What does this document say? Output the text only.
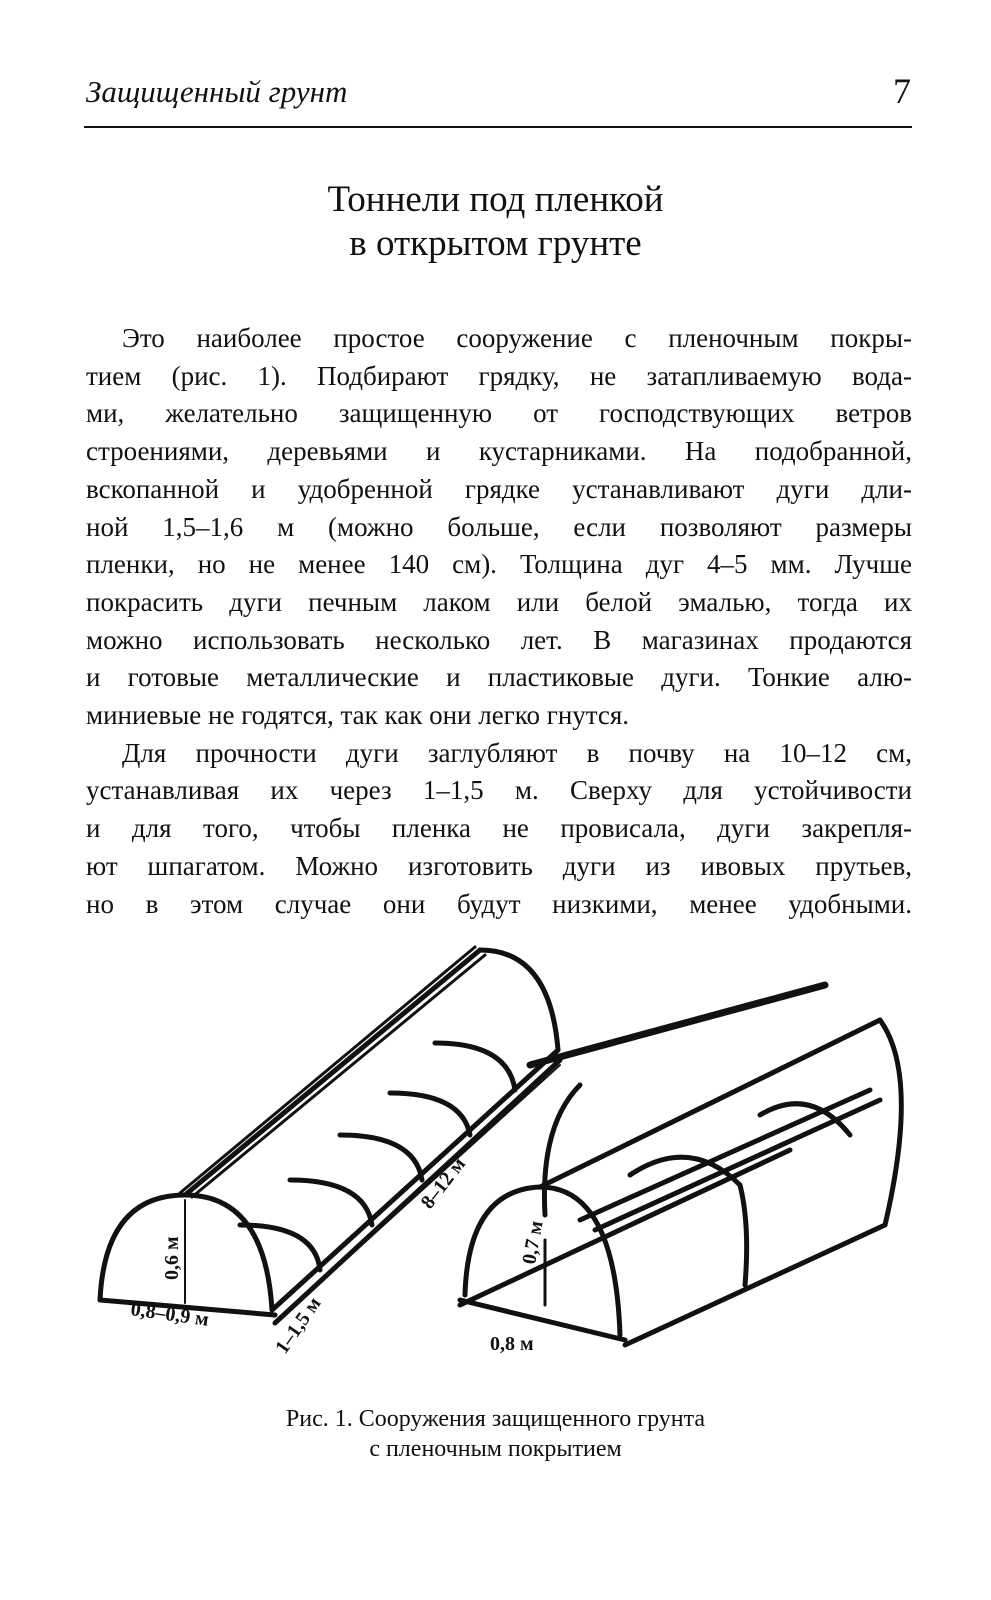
Защищенный грунт	7
Тоннели под пленкой
в открытом грунте
Это наиболее простое сооружение с пленочным покры-
тием (рис. 1). Подбирают грядку, не затапливаемую вода-
ми, желательно защищенную от господствующих ветров
строениями, деревьями и кустарниками. На подобранной,
вскопанной и удобренной грядке устанавливают дуги дли-
ной 1,5–1,6 м (можно больше, если позволяют размеры
пленки, но не менее 140 см). Толщина дуг 4–5 мм. Лучше
покрасить дуги печным лаком или белой эмалью, тогда их
можно использовать несколько лет. В магазинах продаются
и готовые металлические и пластиковые дуги. Тонкие алю-
миниевые не годятся, так как они легко гнутся.
Для прочности дуги заглубляют в почву на 10–12 см,
устанавливая их через 1–1,5 м. Сверху для устойчивости
и для того, чтобы пленка не провисала, дуги закрепля-
ют шпагатом. Можно изготовить дуги из ивовых прутьев,
но в этом случае они будут низкими, менее удобными.
0,6 м
8–12 м
0,8–0,9 м	1–1,5 м
0,7 м
0,8 м
Рис. 1. Сооружения защищенного грунта
с пленочным покрытием
